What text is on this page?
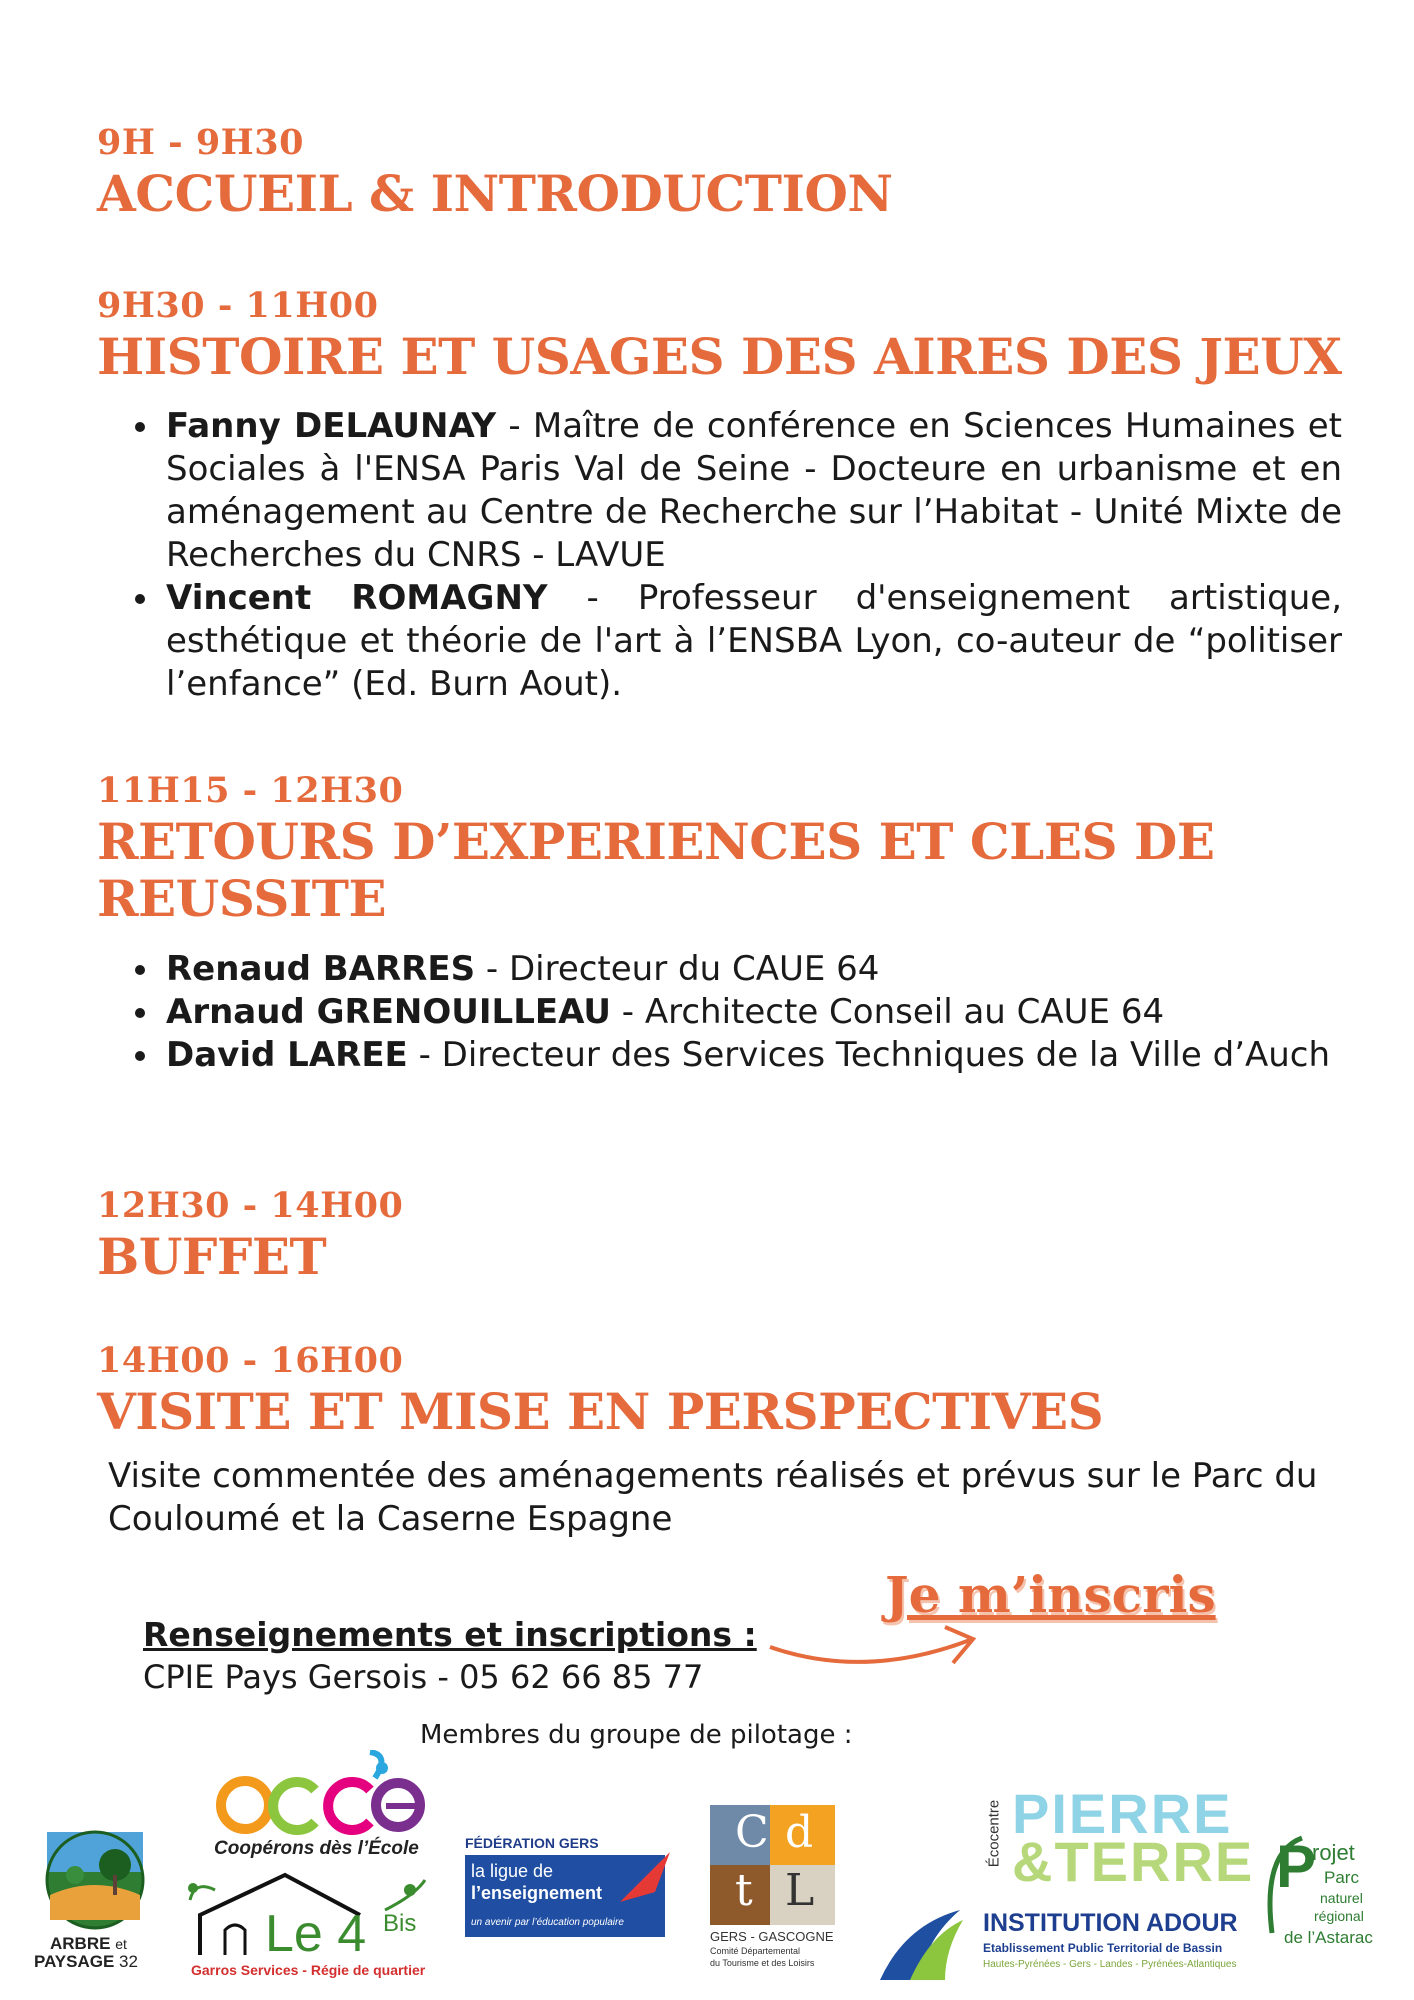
9H - 9H30
ACCUEIL & INTRODUCTION
9H30 - 11H00
HISTOIRE ET USAGES DES AIRES DES JEUX
• Fanny DELAUNAY - Maître de conférence en Sciences Humaines et Sociales à l'ENSA Paris Val de Seine - Docteure en urbanisme et en aménagement au Centre de Recherche sur l’Habitat - Unité Mixte de Recherches du CNRS - LAVUE
• Vincent ROMAGNY - Professeur d'enseignement artistique, esthétique et théorie de l'art à l’ENSBA Lyon, co-auteur de “politiser l’enfance” (Ed. Burn Aout).
11H15 - 12H30
RETOURS D’EXPERIENCES ET CLES DE
REUSSITE
• Renaud BARRES - Directeur du CAUE 64
• Arnaud GRENOUILLEAU - Architecte Conseil au CAUE 64
• David LAREE - Directeur des Services Techniques de la Ville d’Auch
12H30 - 14H00
BUFFET
14H00 - 16H00
VISITE ET MISE EN PERSPECTIVES
Visite commentée des aménagements réalisés et prévus sur le Parc du Couloumé et la Caserne Espagne
Renseignements et inscriptions :
CPIE Pays Gersois - 05 62 66 85 77
Je m’inscris
Membres du groupe de pilotage :
ARBRE et
PAYSAGE 32
Coopérons dès l’École
Le 4 Bis
Garros Services - Régie de quartier
FÉDÉRATION GERS
la ligue de
l’enseignement
un avenir par l’éducation populaire
C d
t L
GERS - GASCOGNE
Comité Départemental
du Tourisme et des Loisirs
Écocentre PIERRE
&TERRE
INSTITUTION ADOUR
Etablissement Public Territorial de Bassin
Hautes-Pyrénées - Gers - Landes - Pyrénées-Atlantiques
P
rojet
Parc
naturel
régional
de l’Astarac
